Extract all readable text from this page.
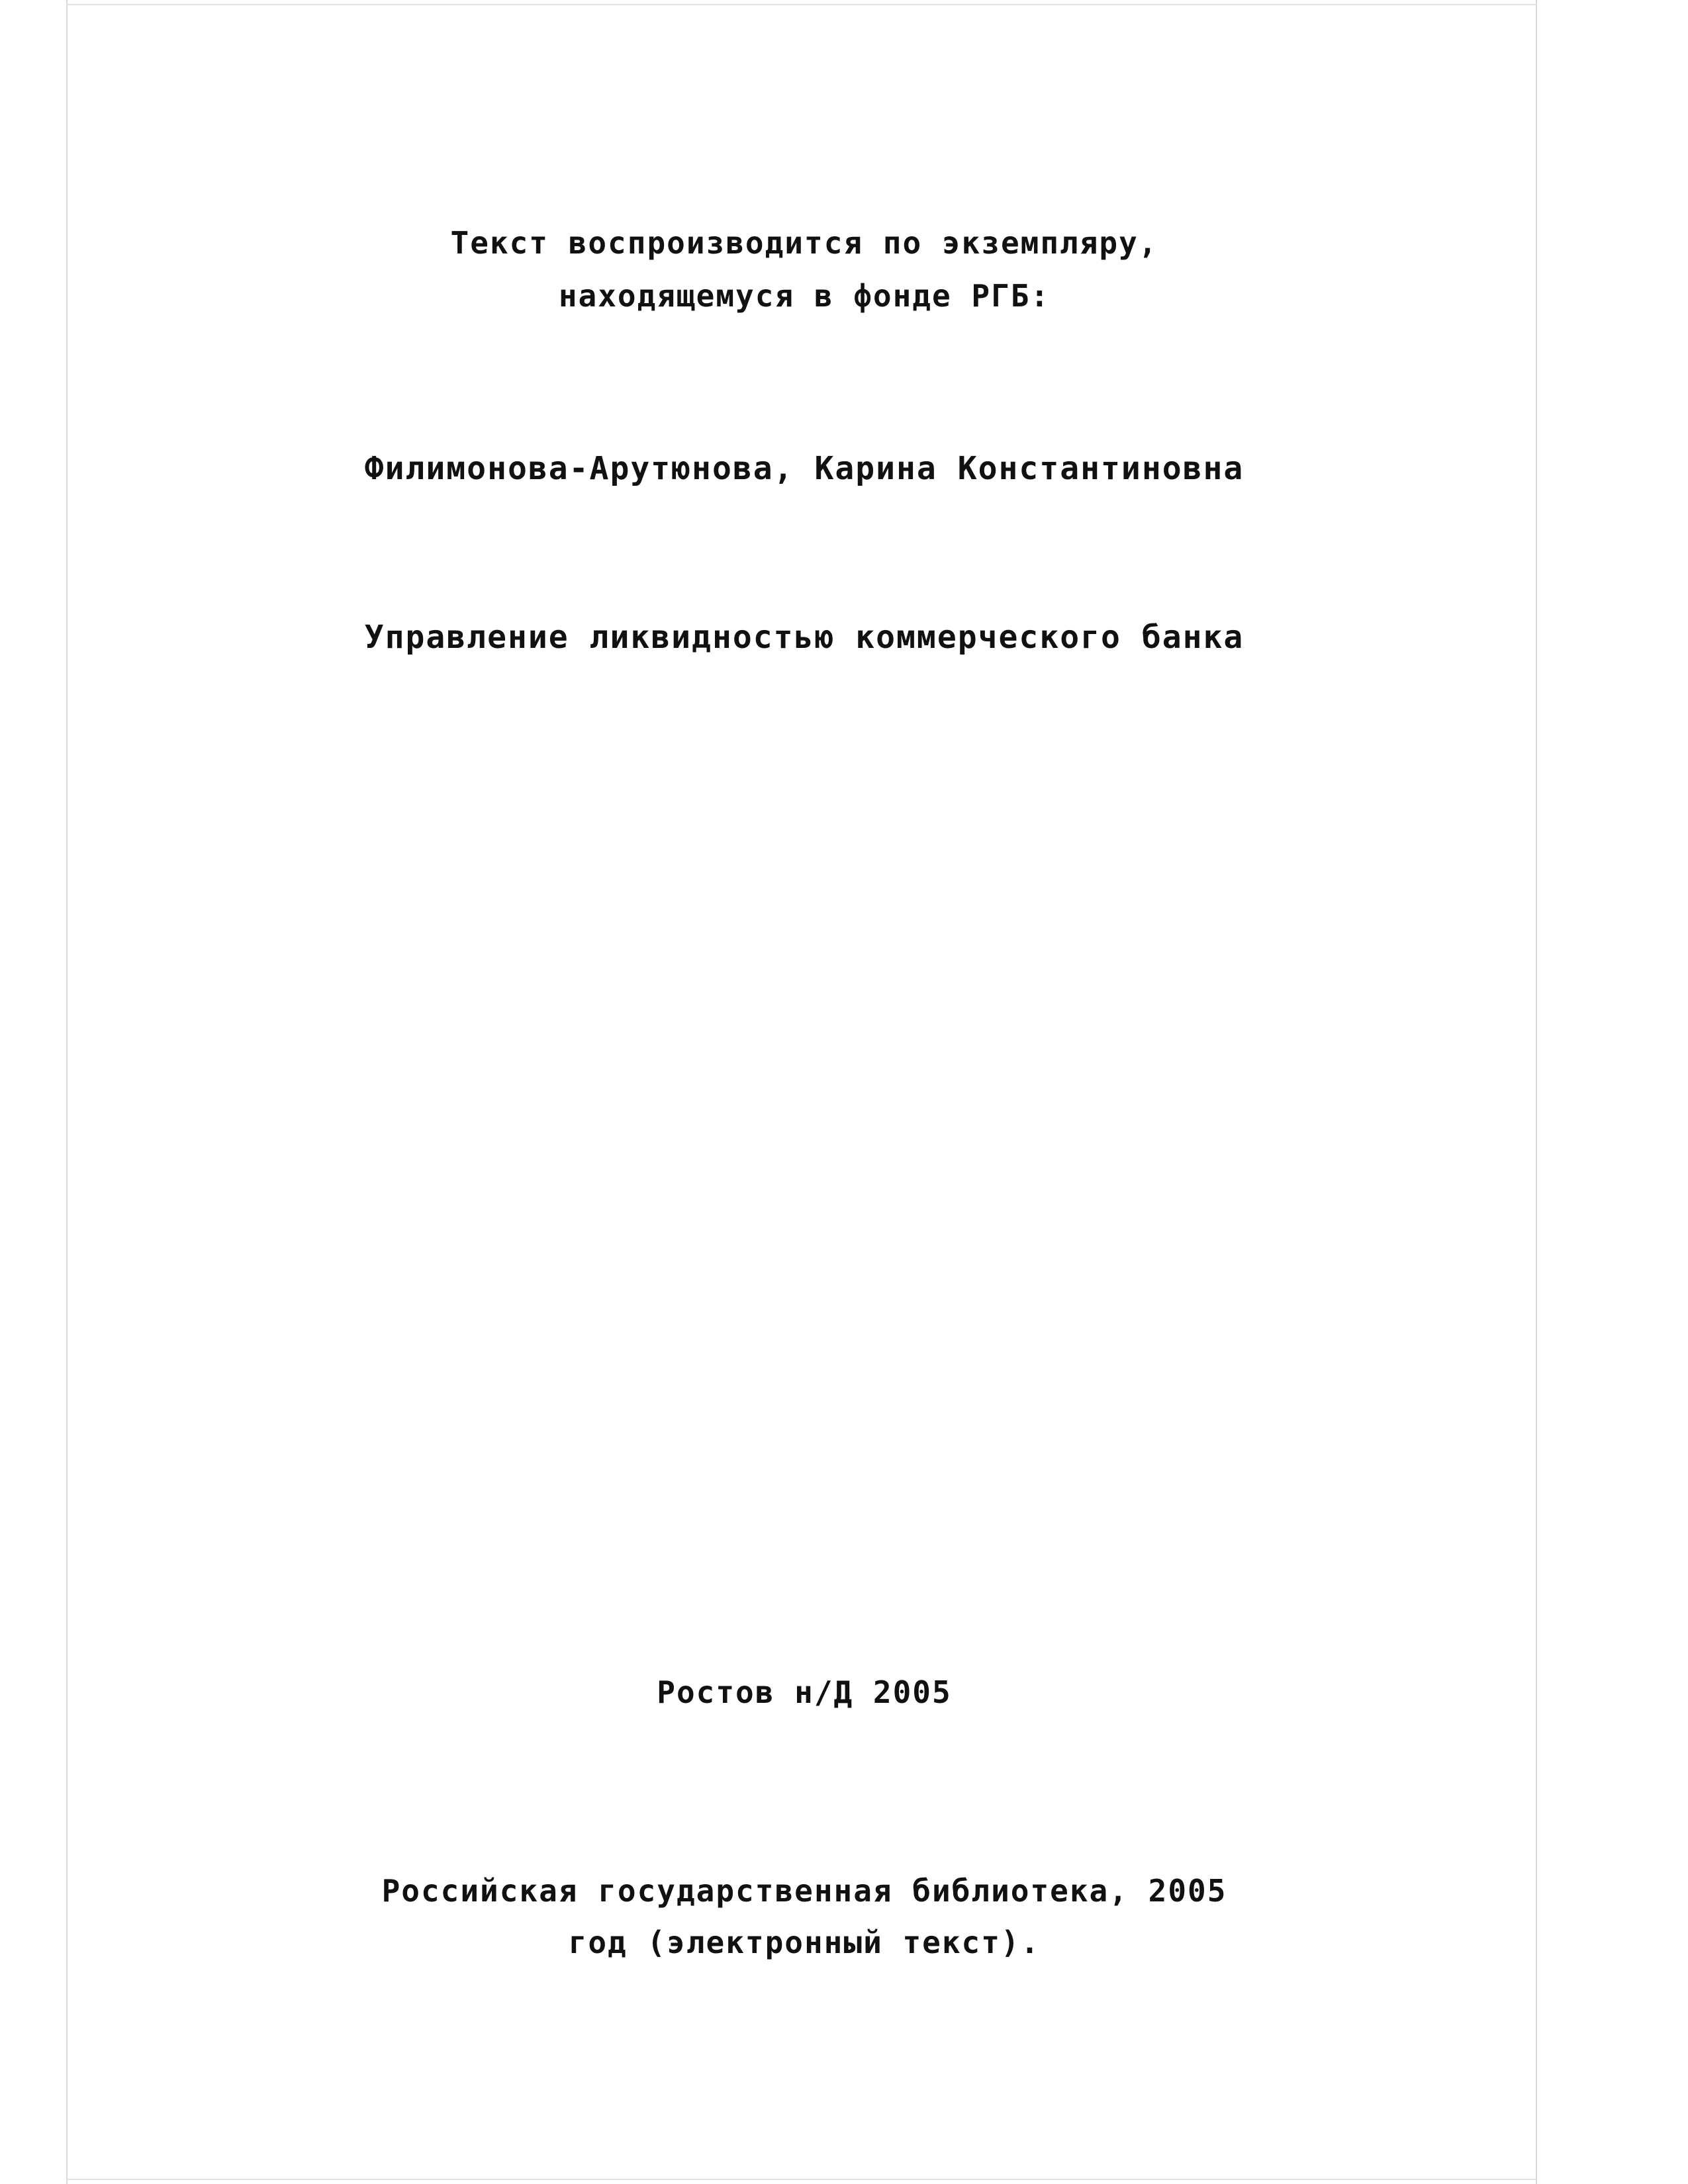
Текст воспроизводится по экземпляру,
находящемуся в фонде РГБ:
Филимонова-Арутюнова, Карина Константиновна
Управление ликвидностью коммерческого банка
Ростов н/Д 2005
Российская государственная библиотека, 2005
год (электронный текст).
